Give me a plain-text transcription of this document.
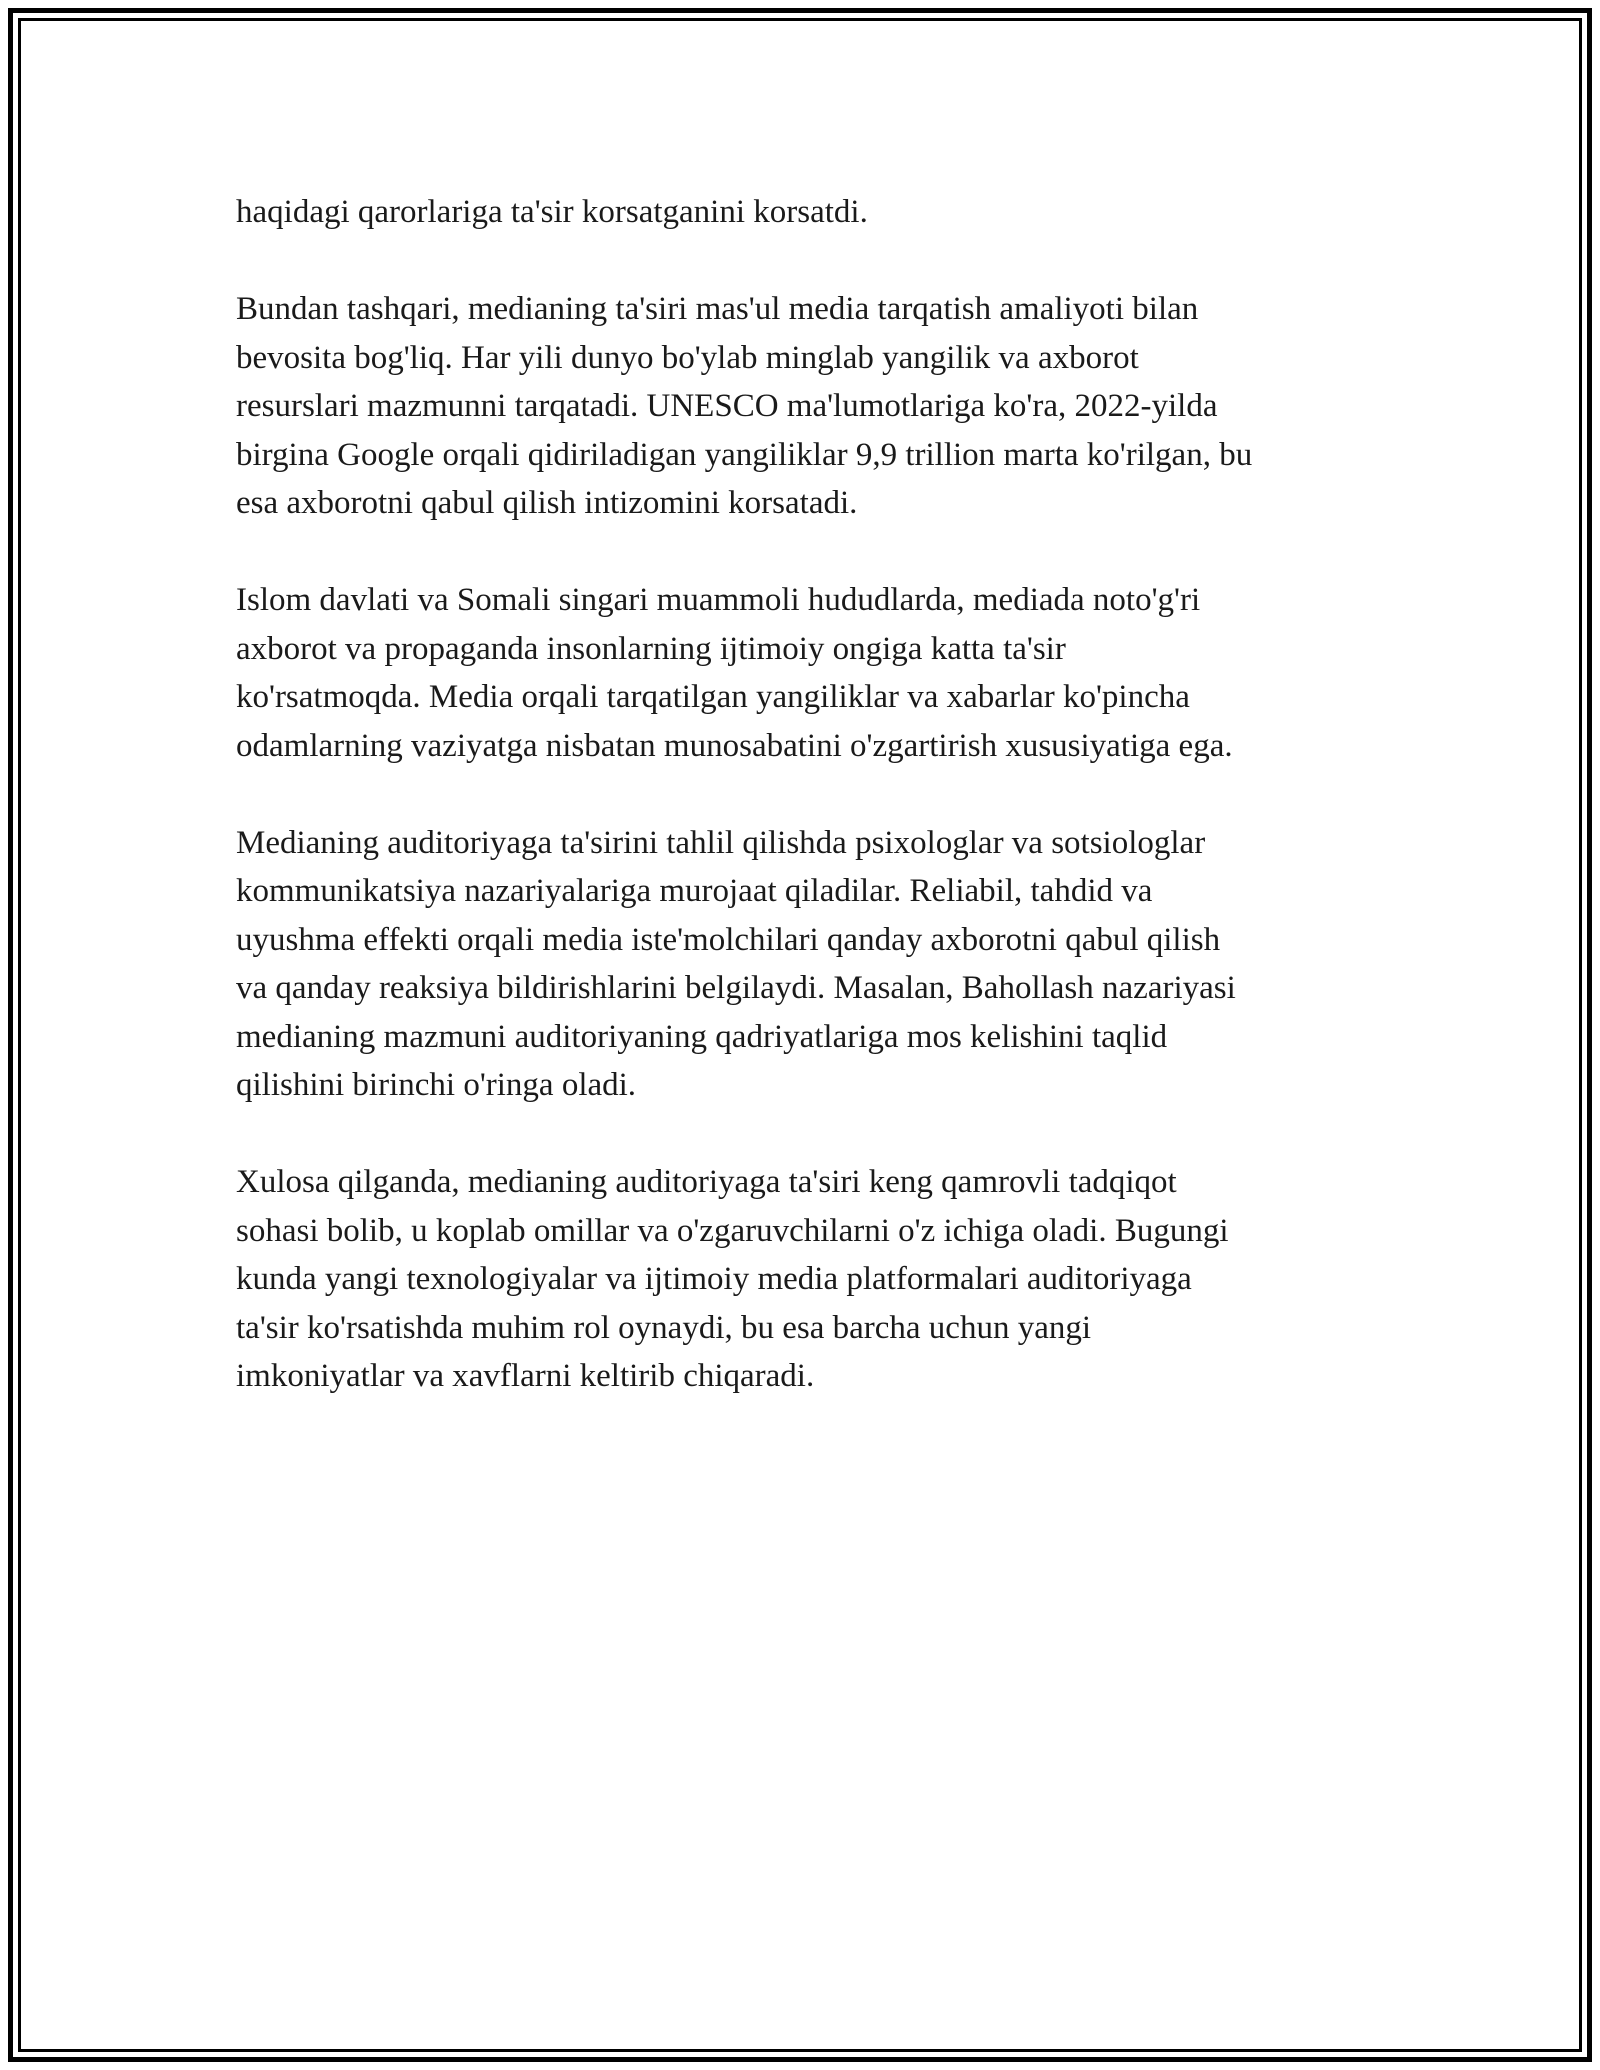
haqidagi qarorlariga ta'sir korsatganini korsatdi.

Bundan tashqari, medianing ta'siri mas'ul media tarqatish amaliyoti bilan
bevosita bog'liq. Har yili dunyo bo'ylab minglab yangilik va axborot
resurslari mazmunni tarqatadi. UNESCO ma'lumotlariga ko'ra, 2022-yilda
birgina Google orqali qidiriladigan yangiliklar 9,9 trillion marta ko'rilgan, bu
esa axborotni qabul qilish intizomini korsatadi.

Islom davlati va Somali singari muammoli hududlarda, mediada noto'g'ri
axborot va propaganda insonlarning ijtimoiy ongiga katta ta'sir
ko'rsatmoqda. Media orqali tarqatilgan yangiliklar va xabarlar ko'pincha
odamlarning vaziyatga nisbatan munosabatini o'zgartirish xususiyatiga ega.

Medianing auditoriyaga ta'sirini tahlil qilishda psixologlar va sotsiologlar
kommunikatsiya nazariyalariga murojaat qiladilar. Reliabil, tahdid va
uyushma effekti orqali media iste'molchilari qanday axborotni qabul qilish
va qanday reaksiya bildirishlarini belgilaydi. Masalan, Bahollash nazariyasi
medianing mazmuni auditoriyaning qadriyatlariga mos kelishini taqlid
qilishini birinchi o'ringa oladi.

Xulosa qilganda, medianing auditoriyaga ta'siri keng qamrovli tadqiqot
sohasi bolib, u koplab omillar va o'zgaruvchilarni o'z ichiga oladi. Bugungi
kunda yangi texnologiyalar va ijtimoiy media platformalari auditoriyaga
ta'sir ko'rsatishda muhim rol oynaydi, bu esa barcha uchun yangi
imkoniyatlar va xavflarni keltirib chiqaradi.
